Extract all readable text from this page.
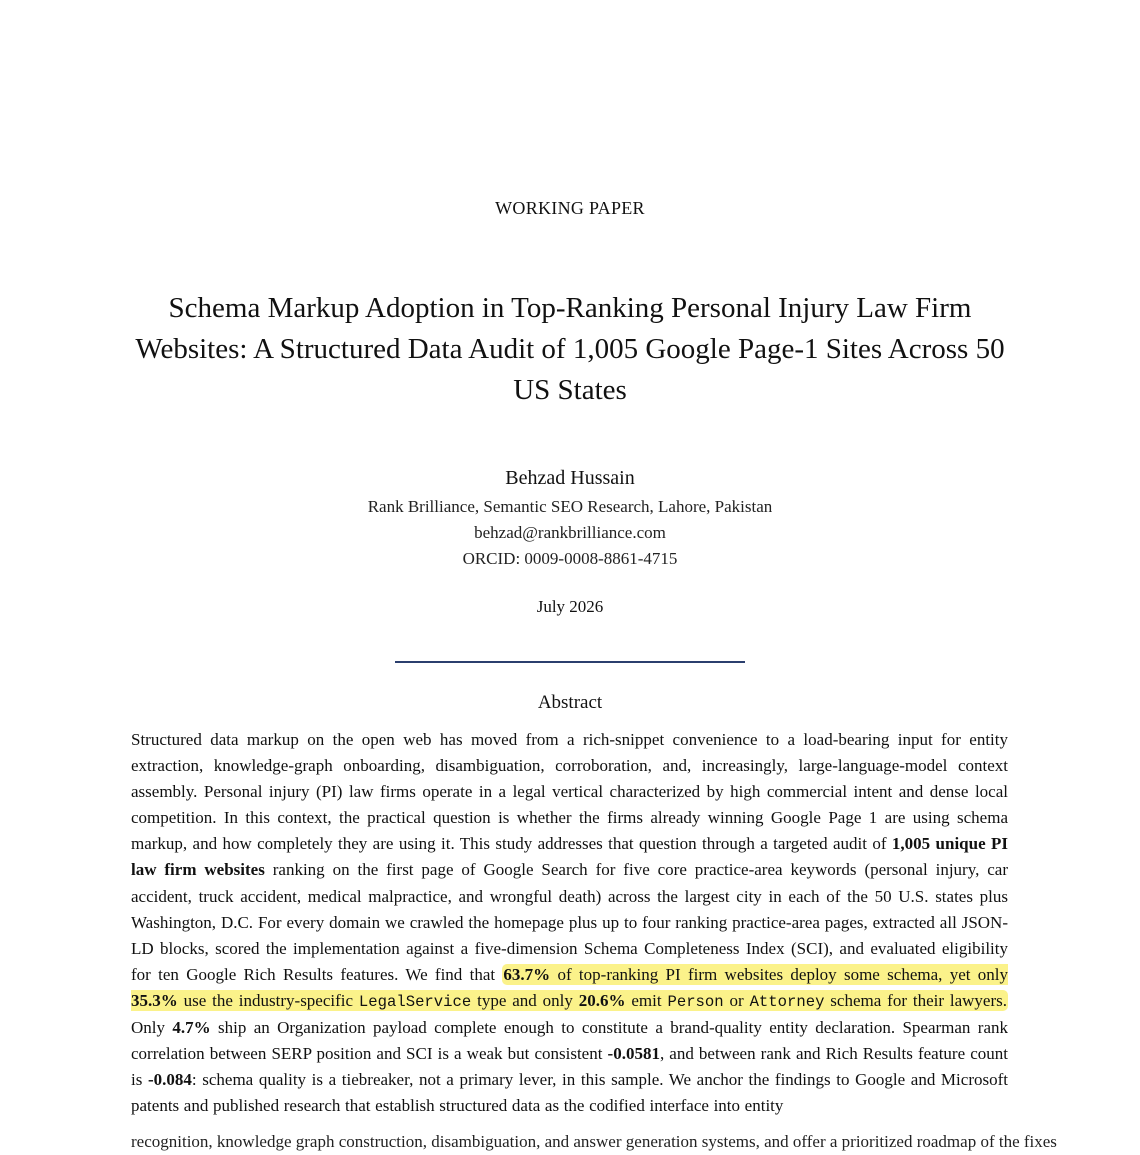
WORKING PAPER
Schema Markup Adoption in Top-Ranking Personal Injury Law Firm Websites: A Structured Data Audit of 1,005 Google Page-1 Sites Across 50 US States
Behzad Hussain
Rank Brilliance, Semantic SEO Research, Lahore, Pakistan
behzad@rankbrilliance.com
ORCID: 0009-0008-8861-4715
July 2026
Abstract
Structured data markup on the open web has moved from a rich-snippet convenience to a load-bearing input for entity extraction, knowledge-graph onboarding, disambiguation, corroboration, and, increasingly, large-language-model context assembly. Personal injury (PI) law firms operate in a legal vertical characterized by high commercial intent and dense local competition. In this context, the practical question is whether the firms already winning Google Page 1 are using schema markup, and how completely they are using it. This study addresses that question through a targeted audit of 1,005 unique PI law firm websites ranking on the first page of Google Search for five core practice-area keywords (personal injury, car accident, truck accident, medical malpractice, and wrongful death) across the largest city in each of the 50 U.S. states plus Washington, D.C. For every domain we crawled the homepage plus up to four ranking practice-area pages, extracted all JSON-LD blocks, scored the implementation against a five-dimension Schema Completeness Index (SCI), and evaluated eligibility for ten Google Rich Results features. We find that 63.7% of top-ranking PI firm websites deploy some schema, yet only 35.3% use the industry-specific LegalService type and only 20.6% emit Person or Attorney schema for their lawyers. Only 4.7% ship an Organization payload complete enough to constitute a brand-quality entity declaration. Spearman rank correlation between SERP position and SCI is a weak but consistent -0.0581, and between rank and Rich Results feature count is -0.084: schema quality is a tiebreaker, not a primary lever, in this sample. We anchor the findings to Google and Microsoft patents and published research that establish structured data as the codified interface into entity
recognition, knowledge graph construction, disambiguation, and answer generation systems, and offer a prioritized roadmap of the fixes
